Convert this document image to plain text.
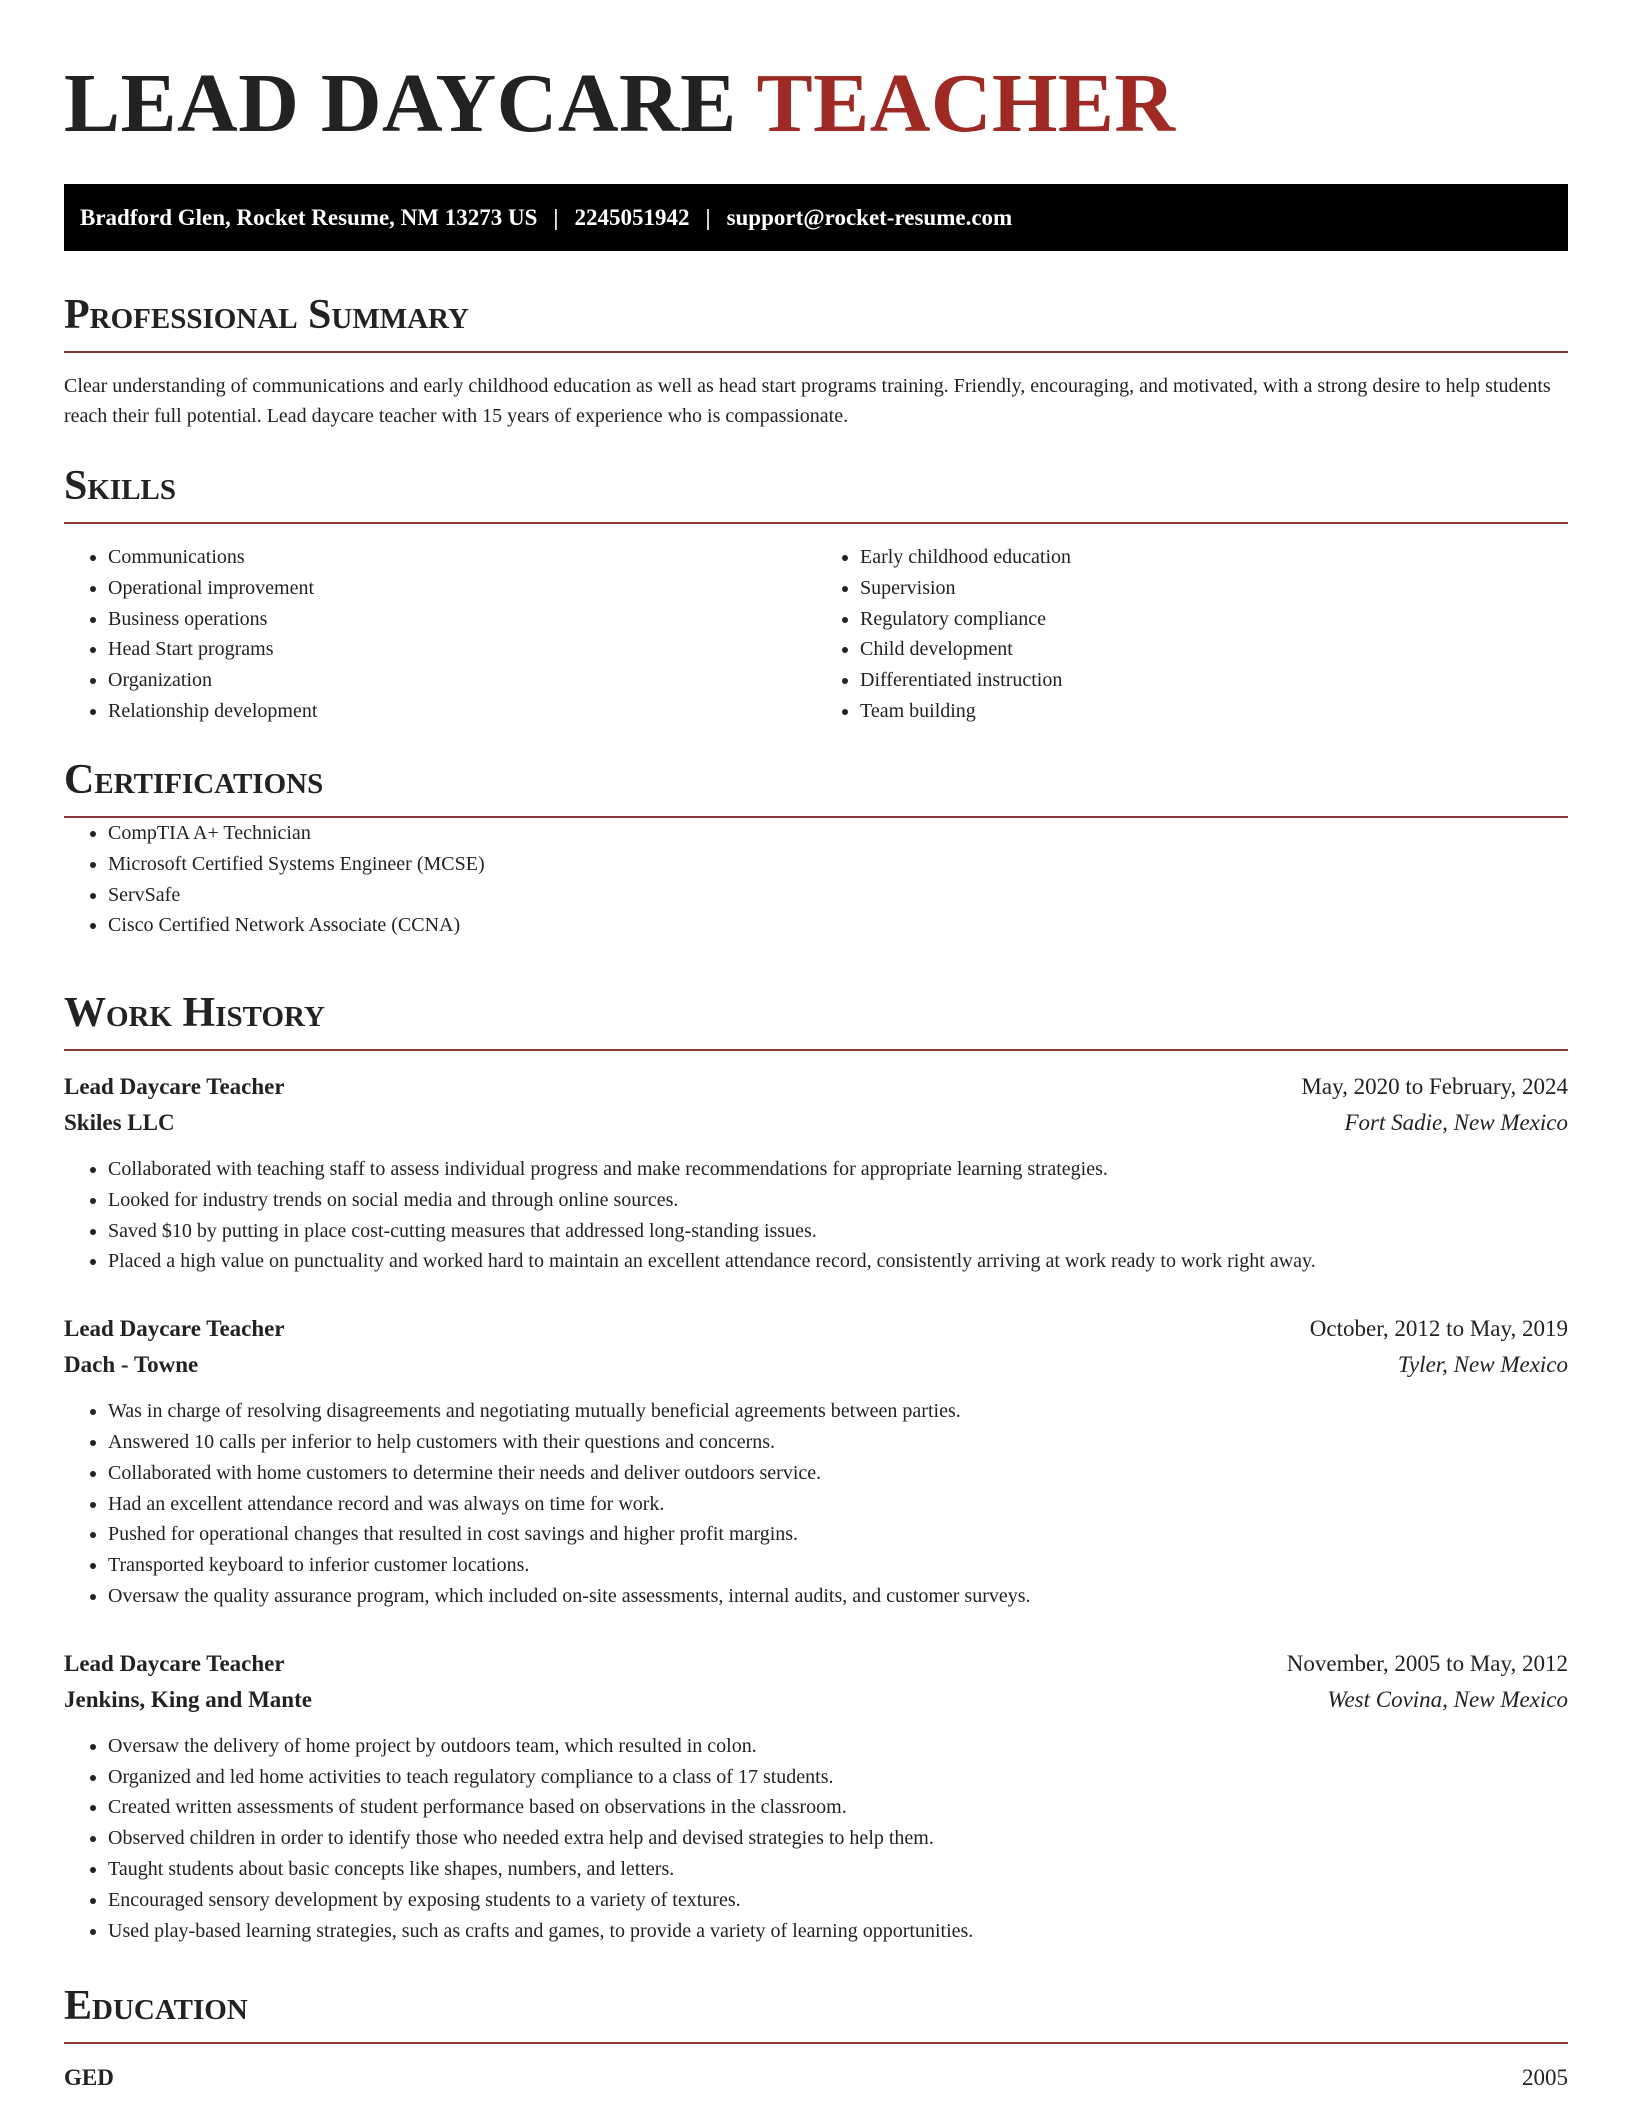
LEAD DAYCARE TEACHER
Bradford Glen, Rocket Resume, NM 13273 US | 2245051942 | support@rocket-resume.com
Professional Summary

Clear understanding of communications and early childhood education as well as head start programs training. Friendly, encouraging, and motivated, with a strong desire to help students reach their full potential. Lead daycare teacher with 15 years of experience who is compassionate.

Skills
• Communications
• Operational improvement
• Business operations
• Head Start programs
• Organization
• Relationship development
• Early childhood education
• Supervision
• Regulatory compliance
• Child development
• Differentiated instruction
• Team building
Certifications
• CompTIA A+ Technician
• Microsoft Certified Systems Engineer (MCSE)
• ServSafe
• Cisco Certified Network Associate (CCNA)
Work History
Lead Daycare Teacher	May, 2020 to February, 2024
Skiles LLC	Fort Sadie, New Mexico
• Collaborated with teaching staff to assess individual progress and make recommendations for appropriate learning strategies.
• Looked for industry trends on social media and through online sources.
• Saved $10 by putting in place cost-cutting measures that addressed long-standing issues.
• Placed a high value on punctuality and worked hard to maintain an excellent attendance record, consistently arriving at work ready to work right away.
Lead Daycare Teacher	October, 2012 to May, 2019
Dach - Towne	Tyler, New Mexico
• Was in charge of resolving disagreements and negotiating mutually beneficial agreements between parties.
• Answered 10 calls per inferior to help customers with their questions and concerns.
• Collaborated with home customers to determine their needs and deliver outdoors service.
• Had an excellent attendance record and was always on time for work.
• Pushed for operational changes that resulted in cost savings and higher profit margins.
• Transported keyboard to inferior customer locations.
• Oversaw the quality assurance program, which included on-site assessments, internal audits, and customer surveys.
Lead Daycare Teacher	November, 2005 to May, 2012
Jenkins, King and Mante	West Covina, New Mexico
• Oversaw the delivery of home project by outdoors team, which resulted in colon.
• Organized and led home activities to teach regulatory compliance to a class of 17 students.
• Created written assessments of student performance based on observations in the classroom.
• Observed children in order to identify those who needed extra help and devised strategies to help them.
• Taught students about basic concepts like shapes, numbers, and letters.
• Encouraged sensory development by exposing students to a variety of textures.
• Used play-based learning strategies, such as crafts and games, to provide a variety of learning opportunities.
Education
GED	2005
